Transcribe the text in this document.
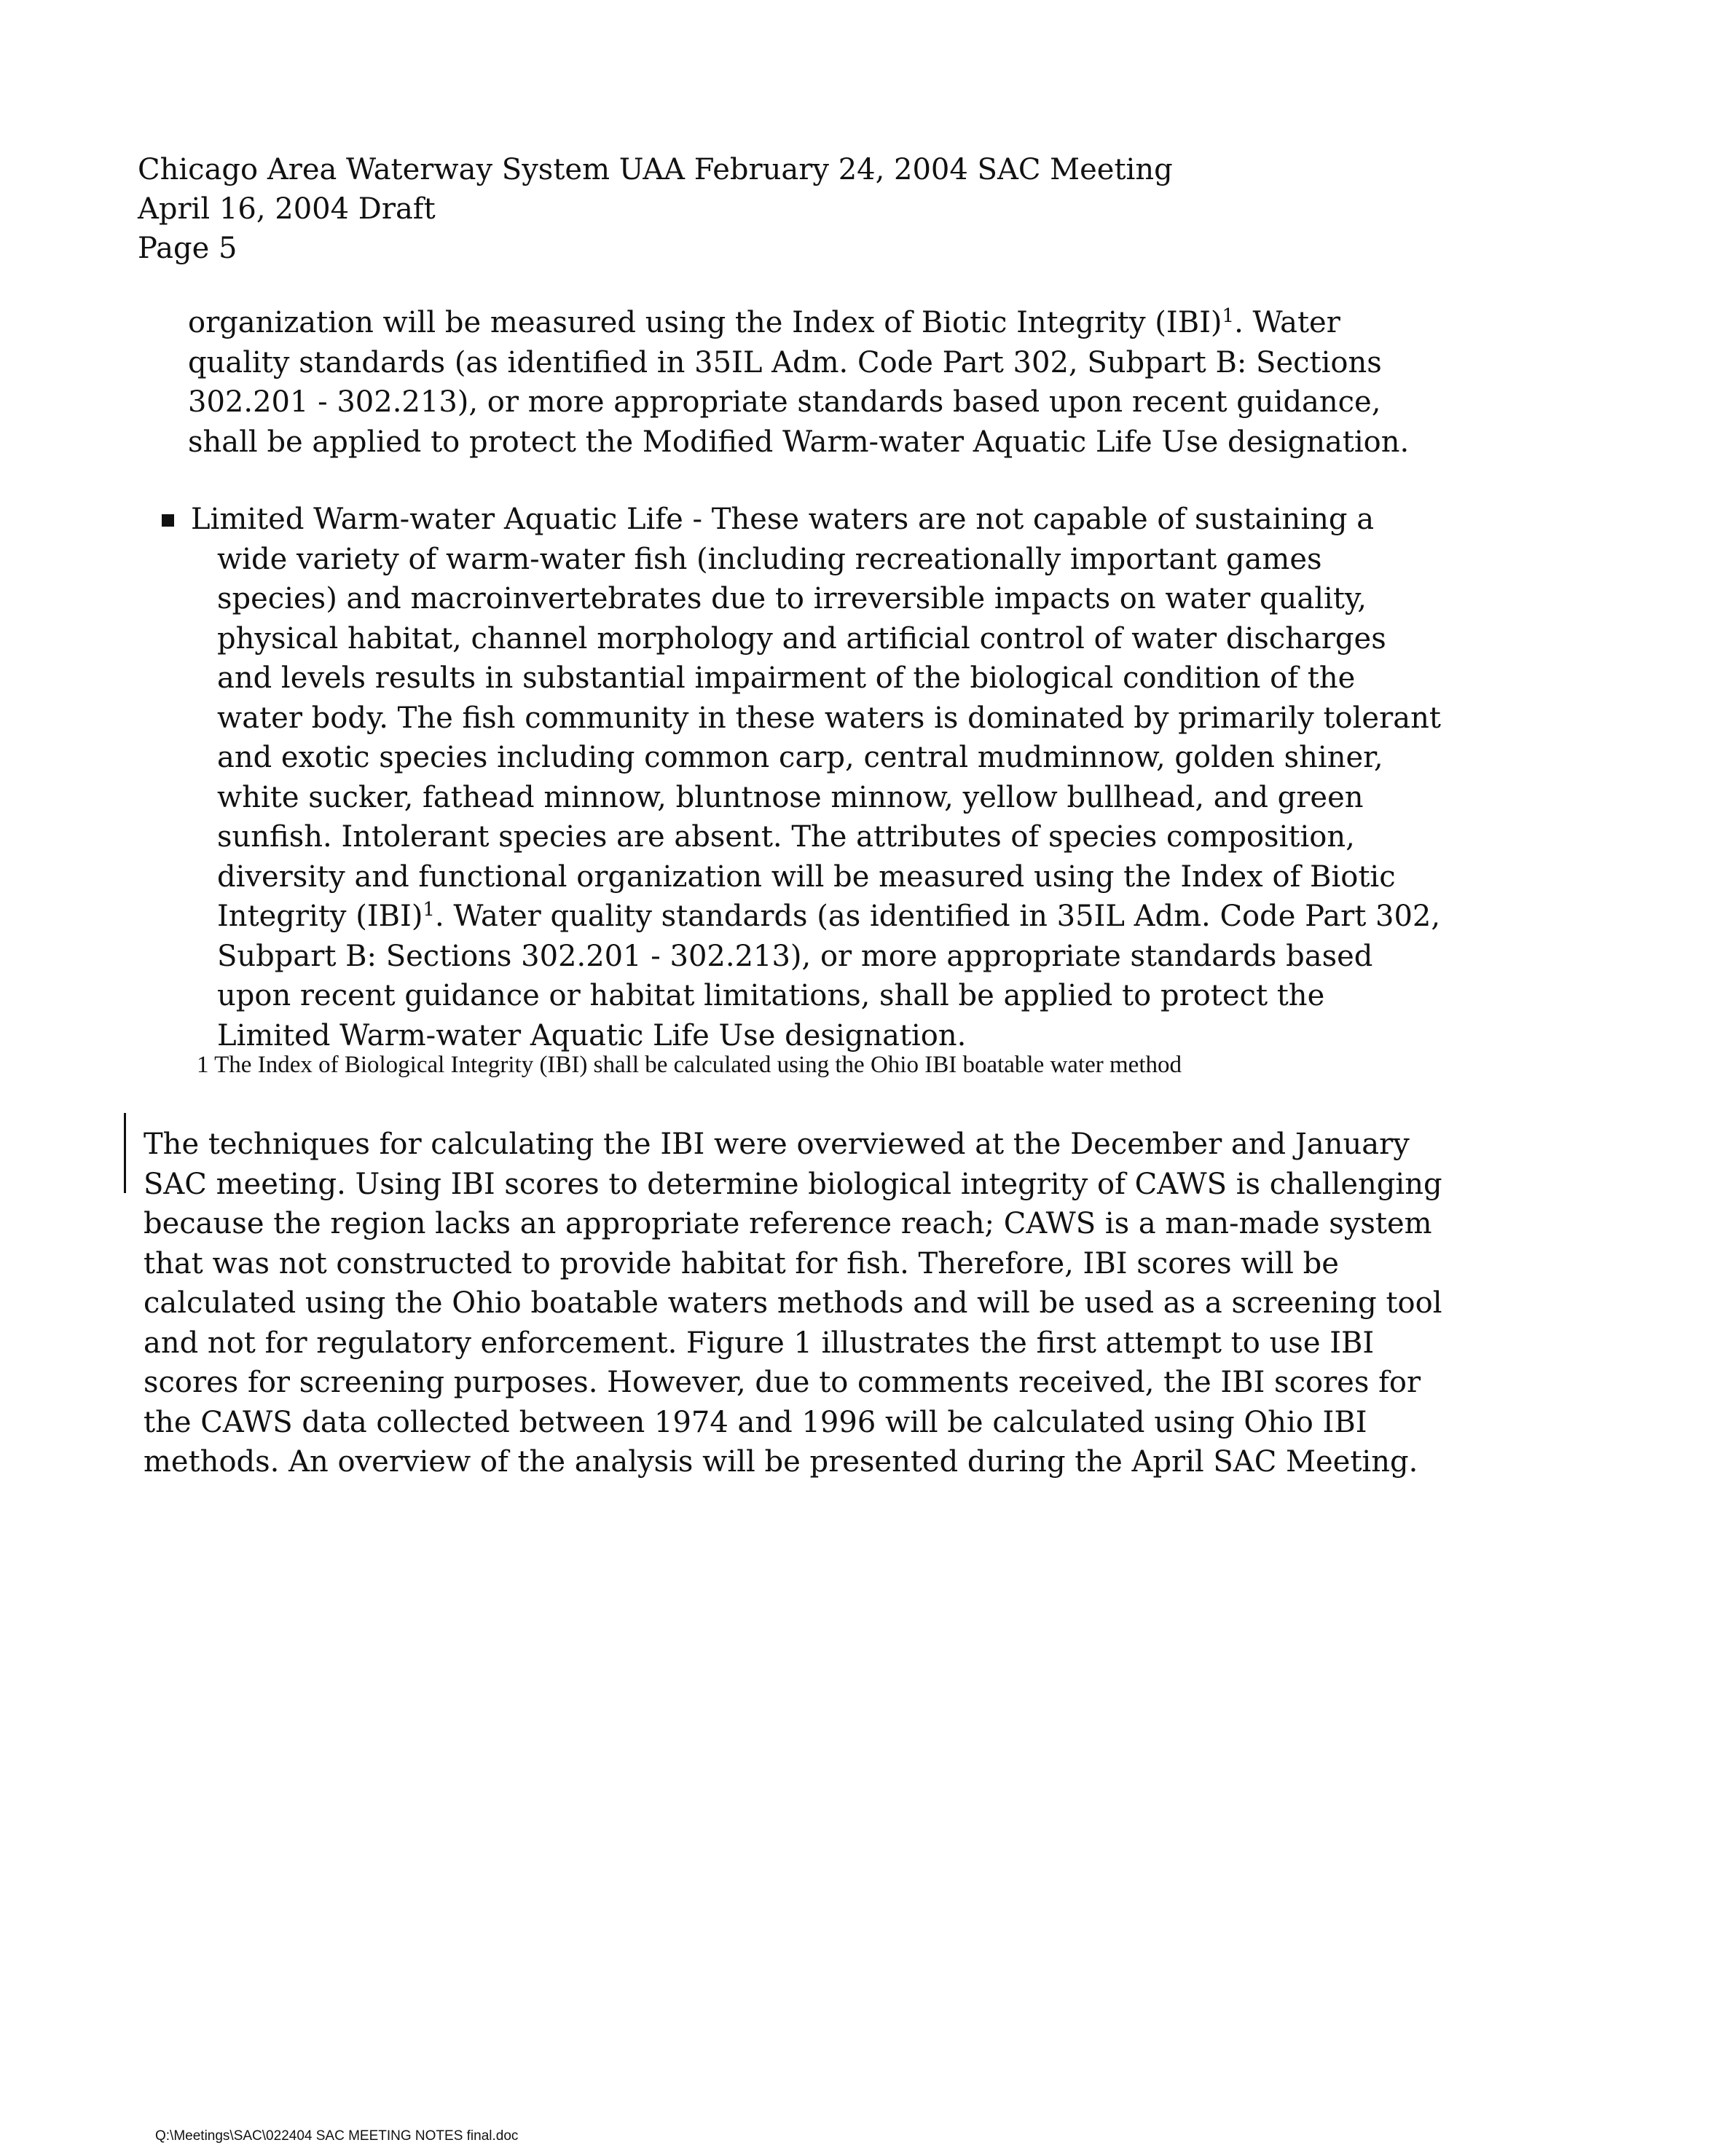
Chicago Area Waterway System UAA February 24, 2004 SAC Meeting
April 16, 2004 Draft
Page 5
organization will be measured using the Index of Biotic Integrity (IBI)$^1$. Water quality standards (as identified in 35IL Adm. Code Part 302, Subpart B: Sections 302.201 - 302.213), or more appropriate standards based upon recent guidance, shall be applied to protect the Modified Warm-water Aquatic Life Use designation.
Limited Warm-water Aquatic Life - These waters are not capable of sustaining a wide variety of warm-water fish (including recreationally important games species) and macroinvertebrates due to irreversible impacts on water quality, physical habitat, channel morphology and artificial control of water discharges and levels results in substantial impairment of the biological condition of the water body. The fish community in these waters is dominated by primarily tolerant and exotic species including common carp, central mudminnow, golden shiner, white sucker, fathead minnow, bluntnose minnow, yellow bullhead, and green sunfish. Intolerant species are absent. The attributes of species composition, diversity and functional organization will be measured using the Index of Biotic Integrity (IBI)$^1$. Water quality standards (as identified in 35IL Adm. Code Part 302, Subpart B: Sections 302.201 - 302.213), or more appropriate standards based upon recent guidance or habitat limitations, shall be applied to protect the Limited Warm-water Aquatic Life Use designation.
1 The Index of Biological Integrity (IBI) shall be calculated using the Ohio IBI boatable water method
The techniques for calculating the IBI were overviewed at the December and January SAC meeting. Using IBI scores to determine biological integrity of CAWS is challenging because the region lacks an appropriate reference reach; CAWS is a man-made system that was not constructed to provide habitat for fish. Therefore, IBI scores will be calculated using the Ohio boatable waters methods and will be used as a screening tool and not for regulatory enforcement. Figure 1 illustrates the first attempt to use IBI scores for screening purposes. However, due to comments received, the IBI scores for the CAWS data collected between 1974 and 1996 will be calculated using Ohio IBI methods. An overview of the analysis will be presented during the April SAC Meeting.
Q:\Meetings\SAC\022404 SAC MEETING NOTES final.doc
